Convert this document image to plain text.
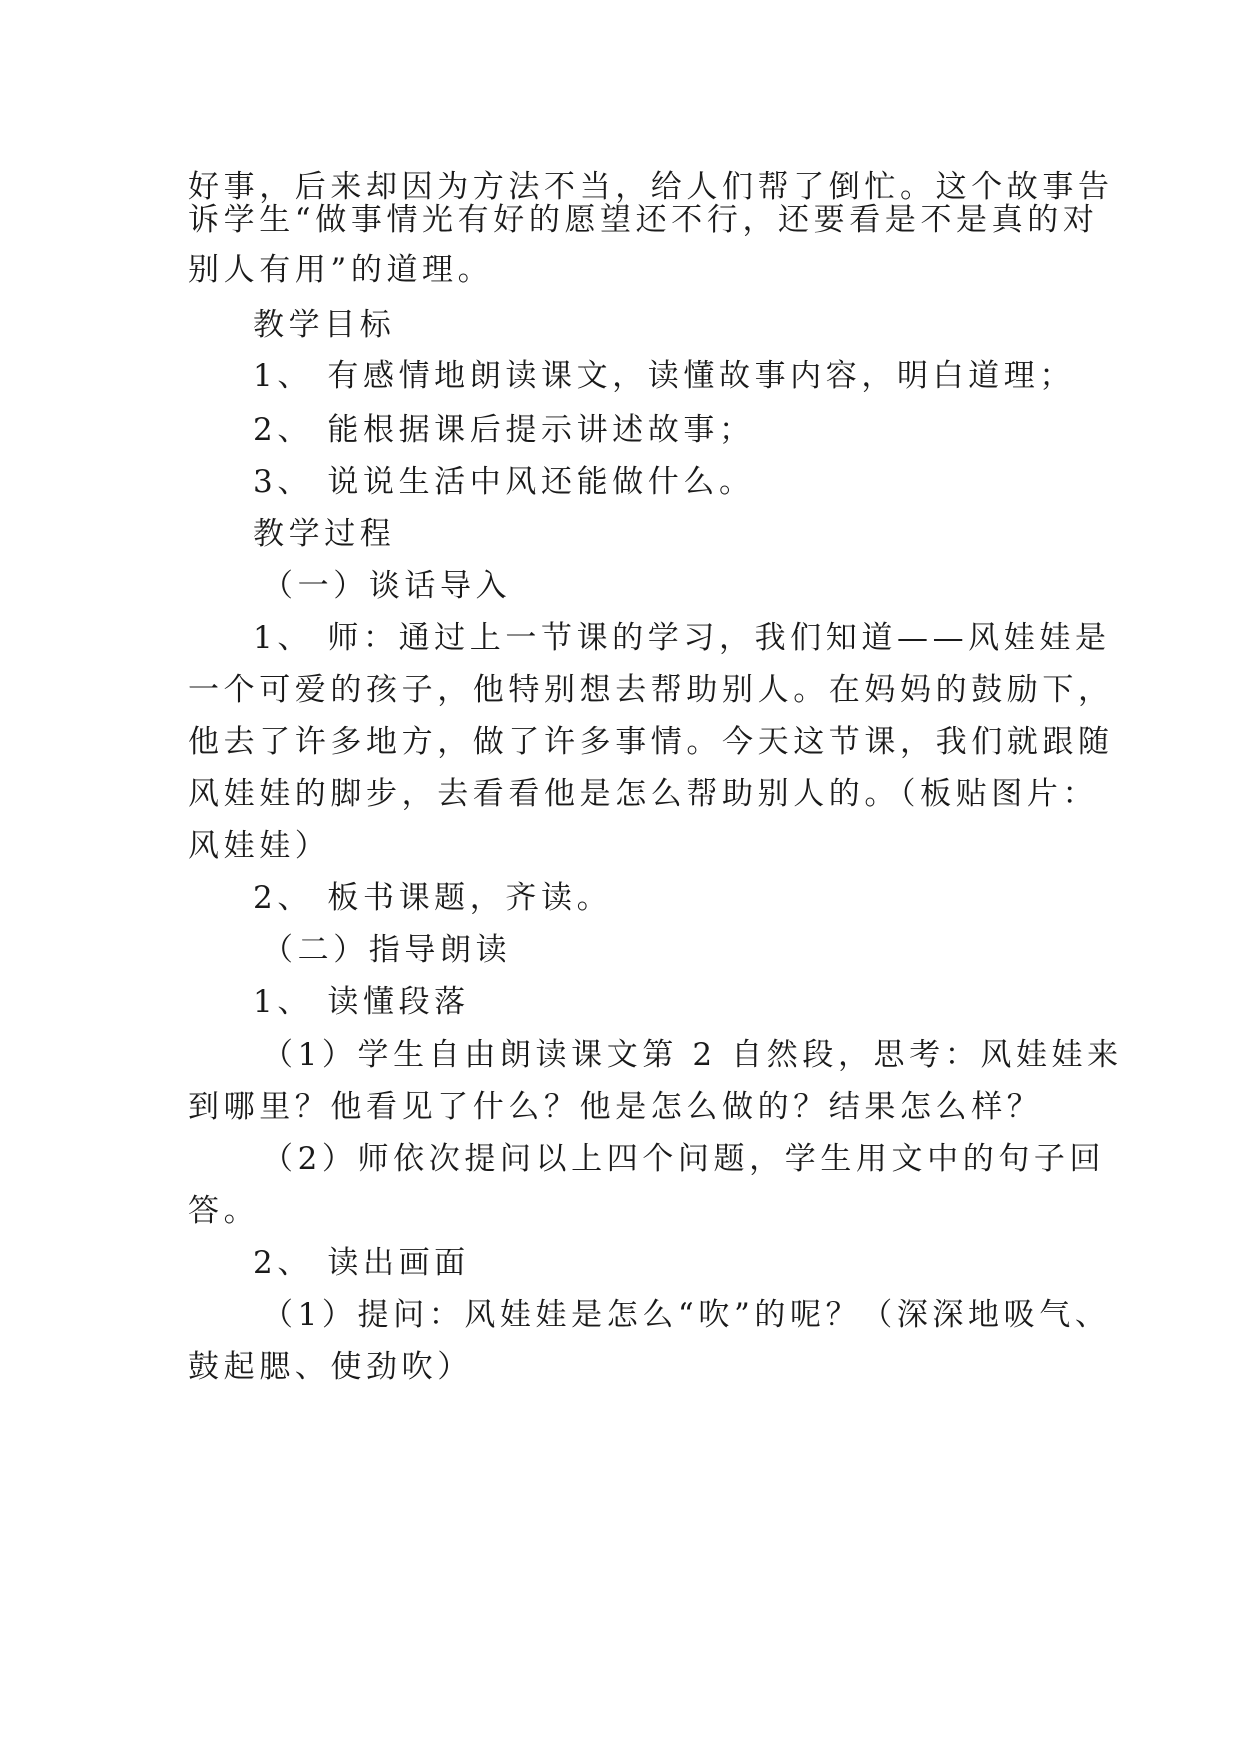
好事，后来却因为方法不当，给人们帮了倒忙。这个故事告
诉学生“做事情光有好的愿望还不行，还要看是不是真的对
别人有用”的道理。
教学目标
1、 有感情地朗读课文，读懂故事内容，明白道理；
2、 能根据课后提示讲述故事；
3、 说说生活中风还能做什么。
教学过程
（一）谈话导入
1、 师：通过上一节课的学习，我们知道——风娃娃是
一个可爱的孩子，他特别想去帮助别人。在妈妈的鼓励下，
他去了许多地方，做了许多事情。今天这节课，我们就跟随
风娃娃的脚步，去看看他是怎么帮助别人的。（板贴图片：
风娃娃）
2、 板书课题，齐读。
（二）指导朗读
1、 读懂段落
（1）学生自由朗读课文第 2 自然段，思考：风娃娃来
到哪里？他看见了什么？他是怎么做的？结果怎么样？
（2）师依次提问以上四个问题，学生用文中的句子回
答。
2、 读出画面
（1）提问：风娃娃是怎么“吹”的呢？（深深地吸气、
鼓起腮、使劲吹）
